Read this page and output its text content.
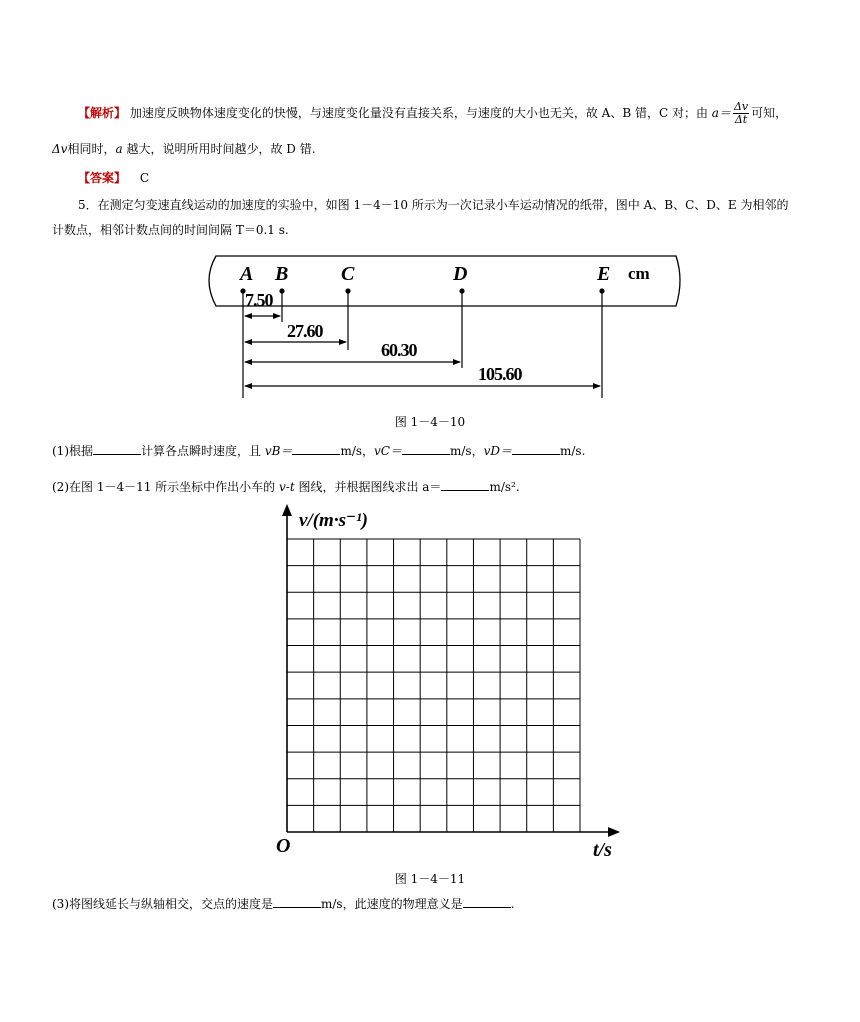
【解析】 加速度反映物体速度变化的快慢，与速度变化量没有直接关系，与速度的大小也无关，故 A、B 错，C 对；由 $a= \frac{\Delta v}{\Delta t}$ 可知，
Δv相同时，a 越大，说明所用时间越少，故 D 错.
【答案】 C
5．在测定匀变速直线运动的加速度的实验中，如图 1－4－10 所示为一次记录小车运动情况的纸带，图中 A、B、C、D、E 为相邻的
计数点，相邻计数点间的时间间隔 T＝0.1 s.
A B	C	D	E cm
7.50
27.60
60.30
105.60
图 1－4－10
(1)根据	计算各点瞬时速度，且 vB＝	m/s，vC＝	m/s，vD＝	m/s.
(2)在图 1－4－11 所示坐标中作出小车的 v-t 图线，并根据图线求出 a＝	m/s².
v/(m·s⁻¹)
t/s
O
图 1－4－11
(3)将图线延长与纵轴相交，交点的速度是	m/s，此速度的物理意义是	.
